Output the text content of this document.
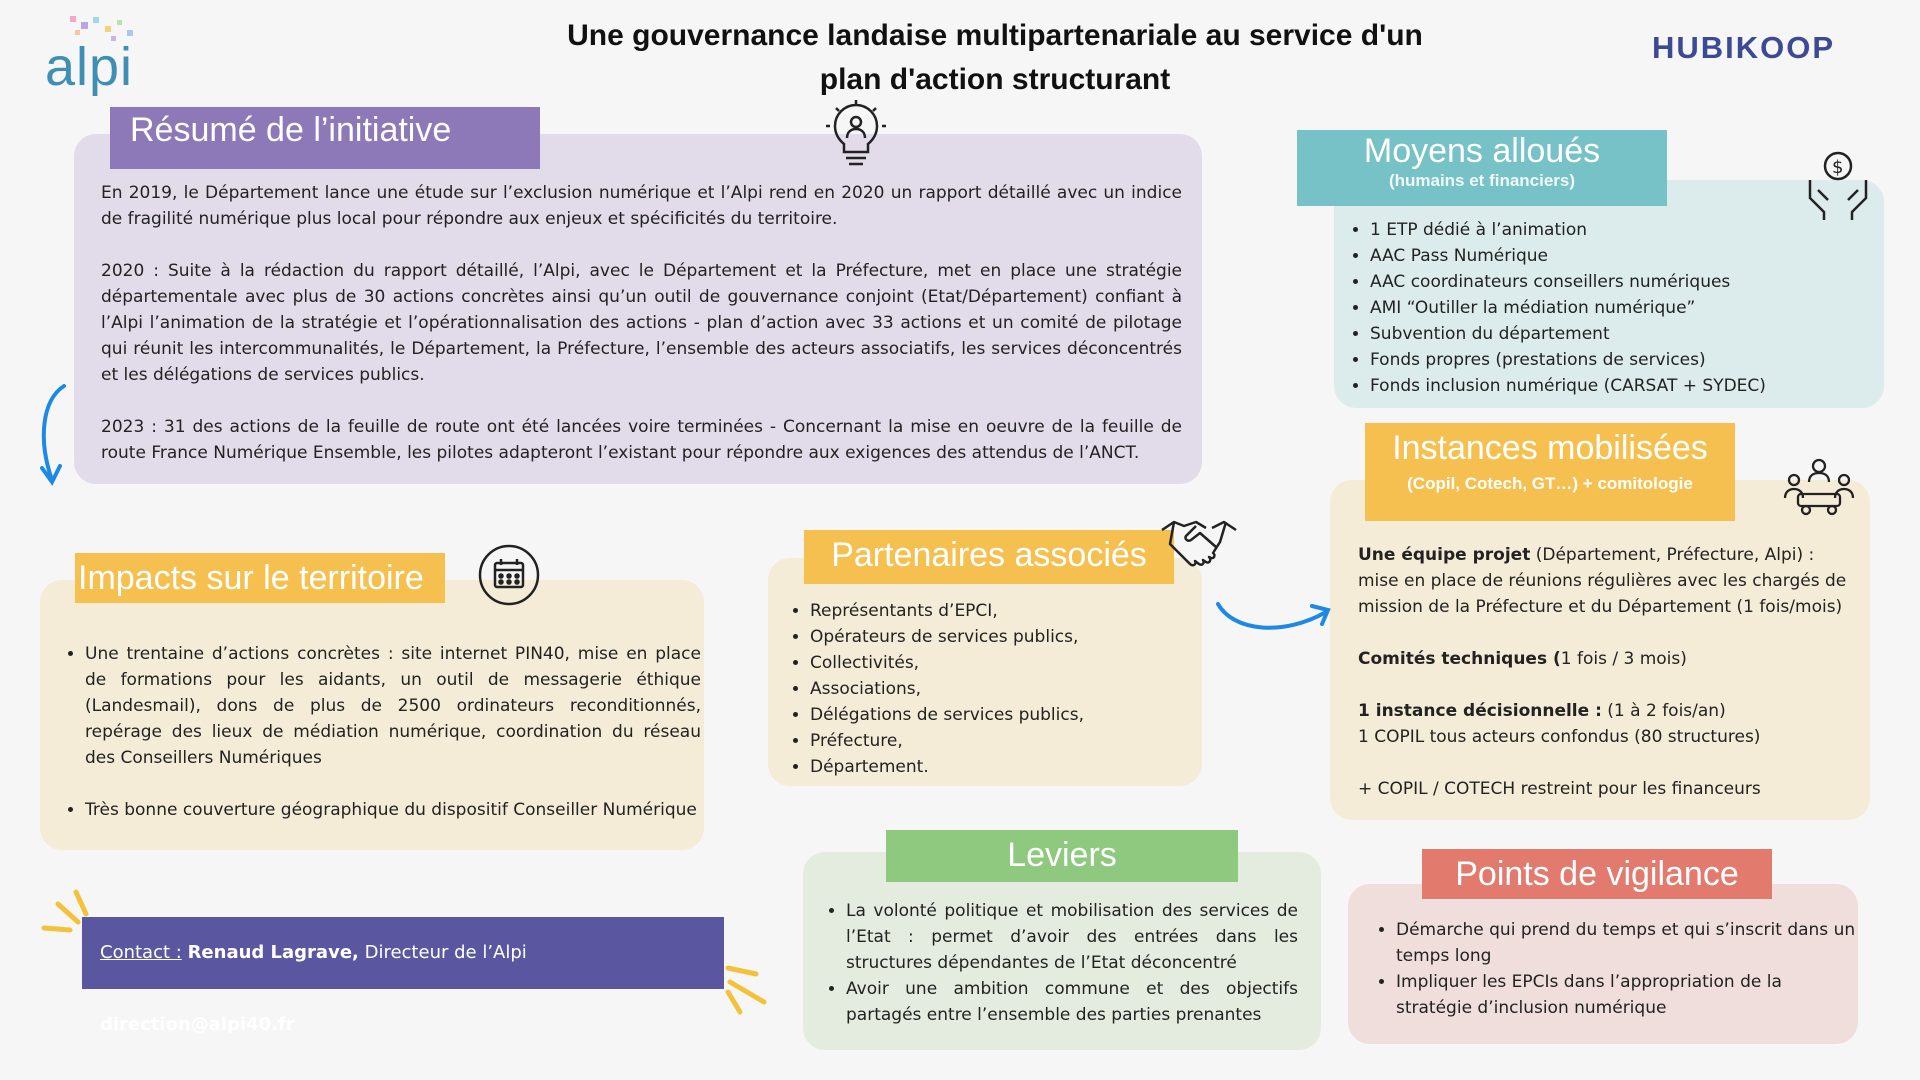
alpi	HUBIKOOP
Une gouvernance landaise multipartenariale au service d'un
plan d'action structurant
Résumé de l’initiative

En 2019, le Département lance une étude sur l’exclusion numérique et l’Alpi rend en 2020 un rapport détaillé avec un indice de fragilité numérique plus local pour répondre aux enjeux et spécificités du territoire.

2020 : Suite à la rédaction du rapport détaillé, l’Alpi, avec le Département et la Préfecture, met en place une stratégie départementale avec plus de 30 actions concrètes ainsi qu’un outil de gouvernance conjoint (Etat/Département) confiant à l’Alpi l’animation de la stratégie et l’opérationnalisation des actions - plan d’action avec 33 actions et un comité de pilotage qui réunit les intercommunalités, le Département, la Préfecture, l’ensemble des acteurs associatifs, les services déconcentrés et les délégations de services publics.

2023 : 31 des actions de la feuille de route ont été lancées voire terminées - Concernant la mise en oeuvre de la feuille de route France Numérique Ensemble, les pilotes adapteront l’existant pour répondre aux exigences des attendus de l’ANCT.

Moyens alloués
(humains et financiers)
$
• 1 ETP dédié à l’animation
• AAC Pass Numérique
• AAC coordinateurs conseillers numériques
• AMI “Outiller la médiation numérique”
• Subvention du département
• Fonds propres (prestations de services)
• Fonds inclusion numérique (CARSAT + SYDEC)
Instances mobilisées
(Copil, Cotech, GT…) + comitologie

Une équipe projet (Département, Préfecture, Alpi) : mise en place de réunions régulières avec les chargés de mission de la Préfecture et du Département (1 fois/mois)

Comités techniques (1 fois / 3 mois)

1 instance décisionnelle : (1 à 2 fois/an)

1 COPIL tous acteurs confondus (80 structures)

+ COPIL / COTECH restreint pour les financeurs

Impacts sur le territoire
• Une trentaine d’actions concrètes : site internet PIN40, mise en place de formations pour les aidants, un outil de messagerie éthique (Landesmail), dons de plus de 2500 ordinateurs reconditionnés, repérage des lieux de médiation numérique, coordination du réseau des Conseillers Numériques
• Très bonne couverture géographique du dispositif Conseiller Numérique
Partenaires associés
• Représentants d’EPCI,
• Opérateurs de services publics,
• Collectivités,
• Associations,
• Délégations de services publics,
• Préfecture,
• Département.
Leviers
• La volonté politique et mobilisation des services de l’Etat : permet d’avoir des entrées dans les structures dépendantes de l’Etat déconcentré
• Avoir une ambition commune et des objectifs partagés entre l’ensemble des parties prenantes
Points de vigilance
• Démarche qui prend du temps et qui s’inscrit dans un temps long
• Impliquer les EPCIs dans l’appropriation de la stratégie d’inclusion numérique
Contact : Renaud Lagrave, Directeur de l’Alpi direction@alpi40.fr
